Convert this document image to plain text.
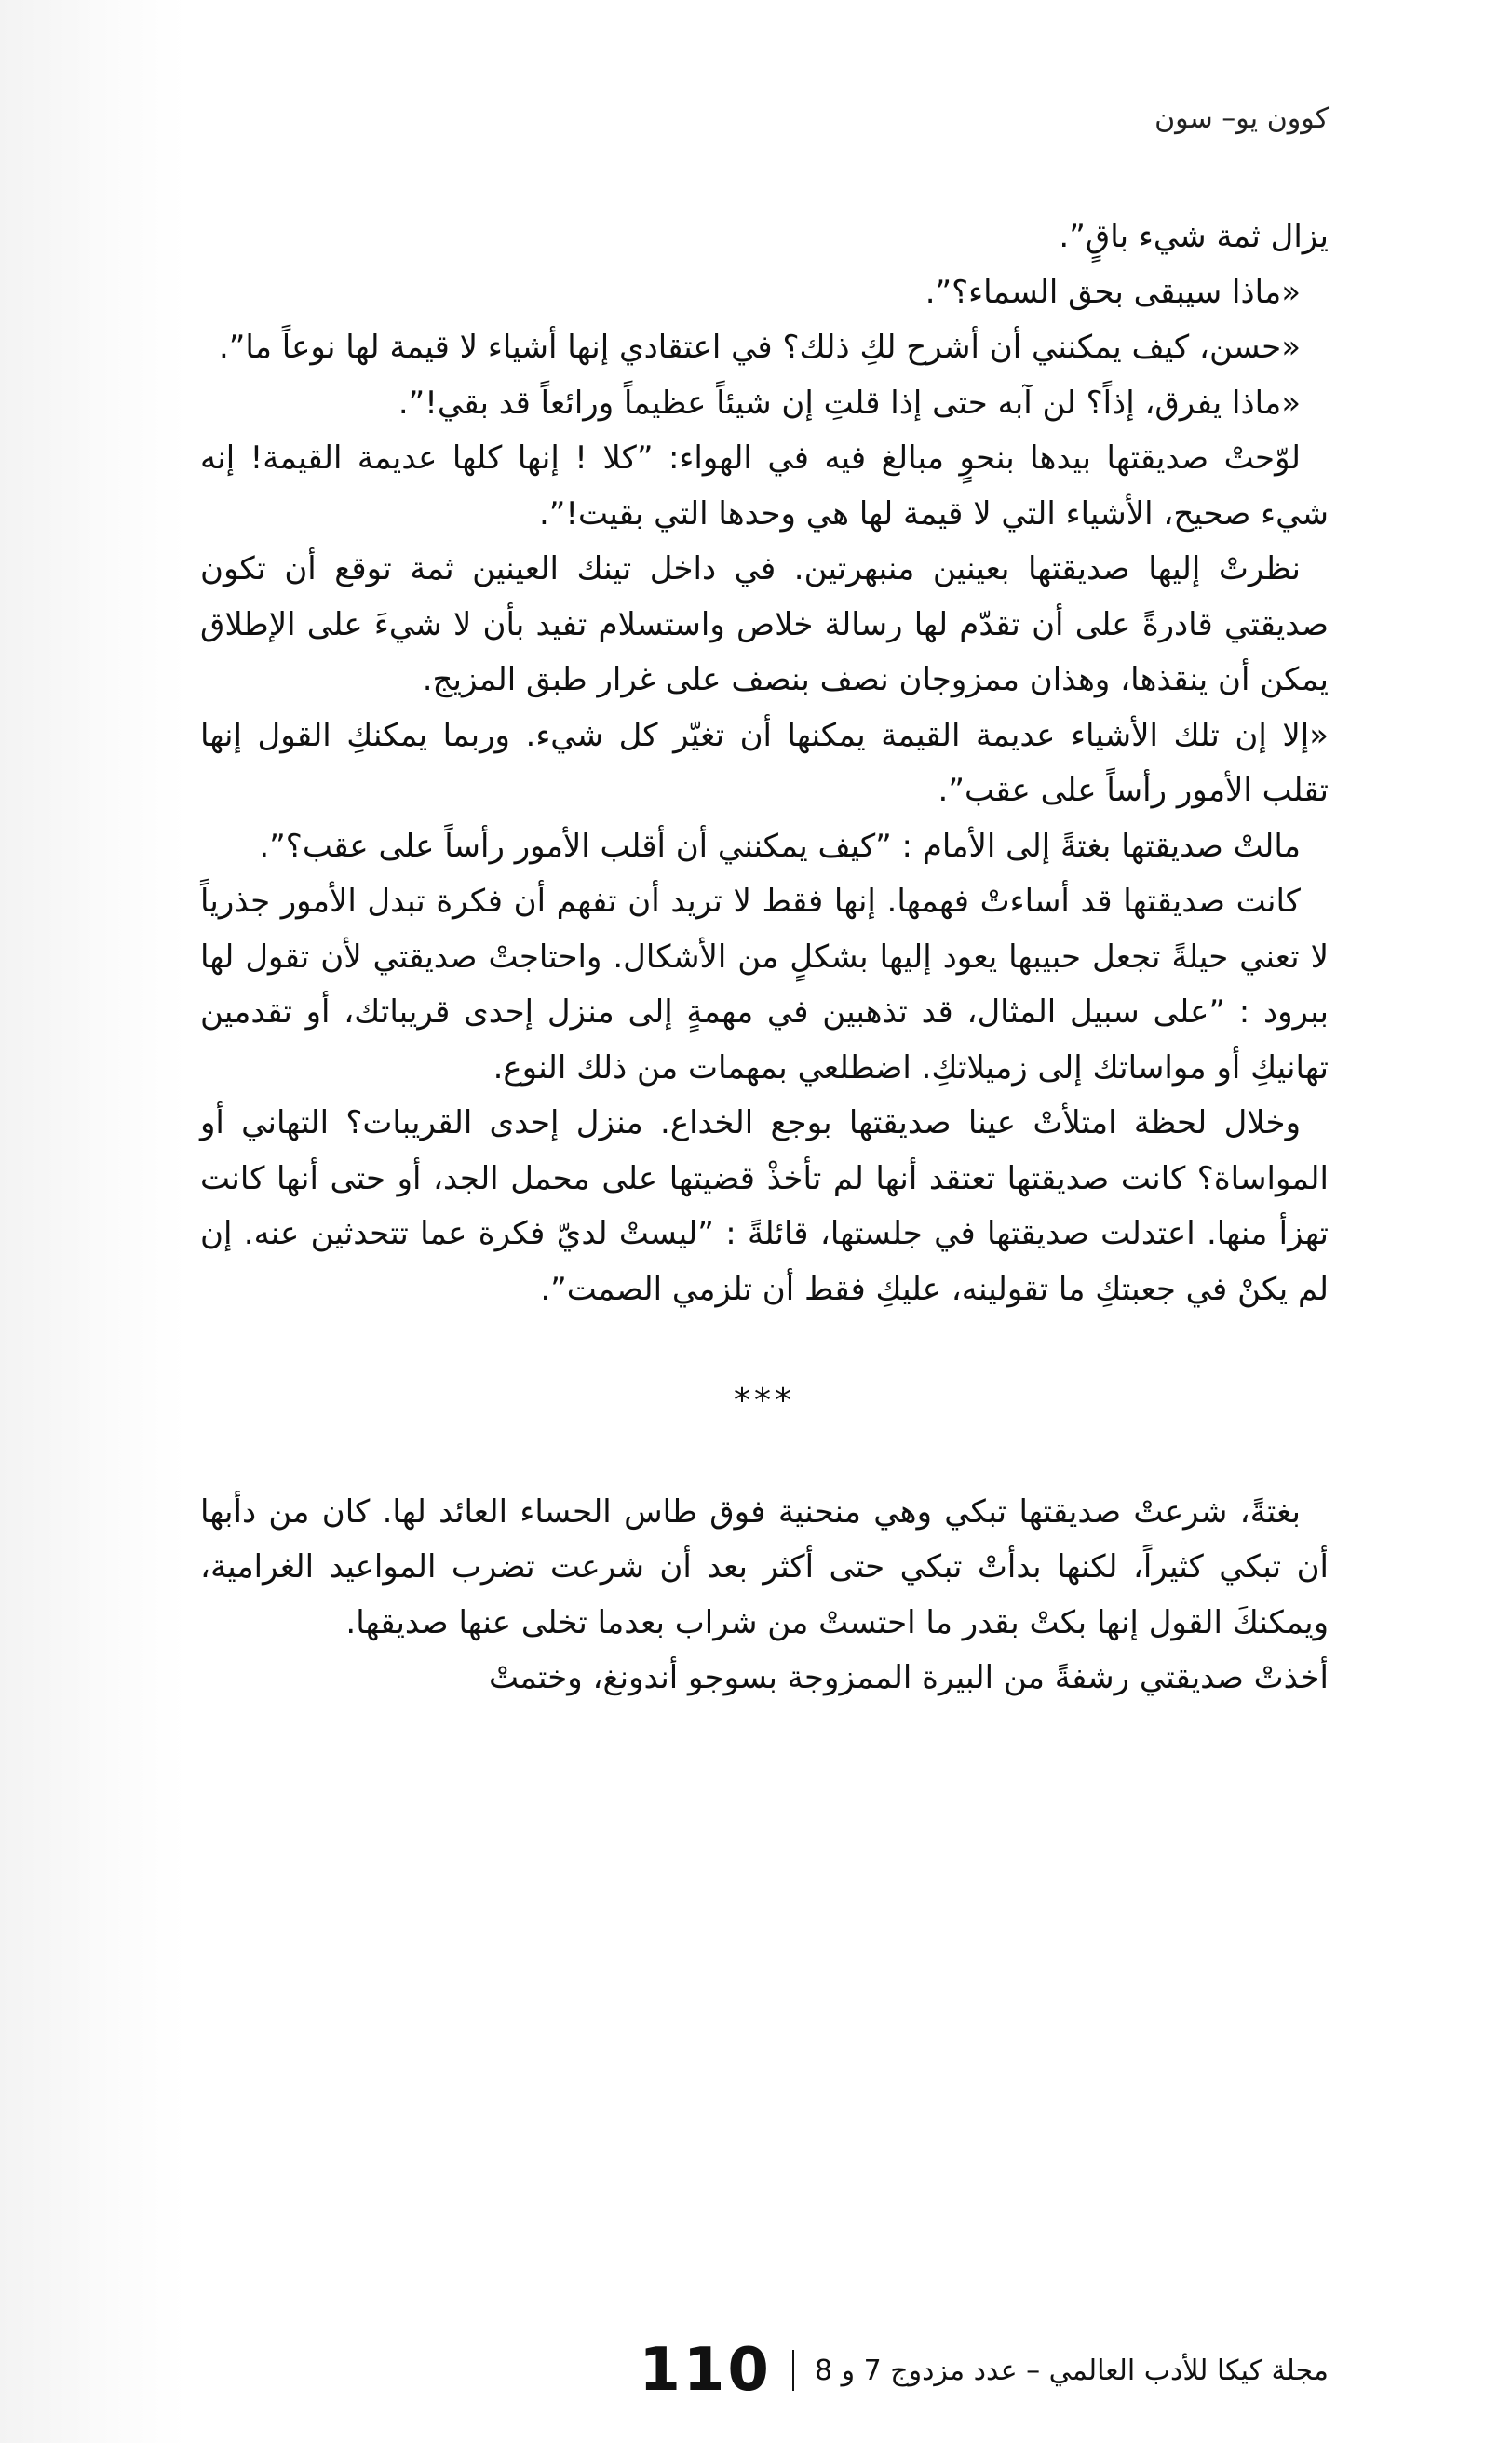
كوون يو– سون

يزال ثمة شيء باقٍ”.

«ماذا سيبقى بحق السماء؟”.

«حسن، كيف يمكنني أن أشرح لكِ ذلك؟ في اعتقادي إنها أشياء لا قيمة لها نوعاً ما”.

«ماذا يفرق، إذاً؟ لن آبه حتى إذا قلتِ إن شيئاً عظيماً ورائعاً قد بقي!”.

لوّحتْ صديقتها بيدها بنحوٍ مبالغ فيه في الهواء: ”كلا ! إنها كلها عديمة القيمة! إنه شيء صحيح، الأشياء التي لا قيمة لها هي وحدها التي بقيت!”.

نظرتْ إليها صديقتها بعينين منبهرتين. في داخل تينك العينين ثمة توقع أن تكون صديقتي قادرةً على أن تقدّم لها رسالة خلاص واستسلام تفيد بأن لا شيءَ على الإطلاق يمكن أن ينقذها، وهذان ممزوجان نصف بنصف على غرار طبق المزيج.

«إلا إن تلك الأشياء عديمة القيمة يمكنها أن تغيّر كل شيء. وربما يمكنكِ القول إنها تقلب الأمور رأساً على عقب”.

مالتْ صديقتها بغتةً إلى الأمام : ”كيف يمكنني أن أقلب الأمور رأساً على عقب؟”.

كانت صديقتها قد أساءتْ فهمها. إنها فقط لا تريد أن تفهم أن فكرة تبدل الأمور جذرياً لا تعني حيلةً تجعل حبيبها يعود إليها بشكلٍ من الأشكال. واحتاجتْ صديقتي لأن تقول لها ببرود : ”على سبيل المثال، قد تذهبين في مهمةٍ إلى منزل إحدى قريباتك، أو تقدمين تهانيكِ أو مواساتك إلى زميلاتكِ. اضطلعي بمهمات من ذلك النوع.

وخلال لحظة امتلأتْ عينا صديقتها بوجع الخداع. منزل إحدى القريبات؟ التهاني أو المواساة؟ كانت صديقتها تعتقد أنها لم تأخذْ قضيتها على محمل الجد، أو حتى أنها كانت تهزأ منها. اعتدلت صديقتها في جلستها، قائلةً : ”ليستْ لديّ فكرة عما تتحدثين عنه. إن لم يكنْ في جعبتكِ ما تقولينه، عليكِ فقط أن تلزمي الصمت”.

***

بغتةً، شرعتْ صديقتها تبكي وهي منحنية فوق طاس الحساء العائد لها. كان من دأبها أن تبكي كثيراً، لكنها بدأتْ تبكي حتى أكثر بعد أن شرعت تضرب المواعيد الغرامية، ويمكنكَ القول إنها بكتْ بقدر ما احتستْ من شراب بعدما تخلى عنها صديقها.

أخذتْ صديقتي رشفةً من البيرة الممزوجة بسوجو أندونغ، وختمتْ

مجلة كيكا للأدب العالمي – عدد مزدوج 7 و 8
110
